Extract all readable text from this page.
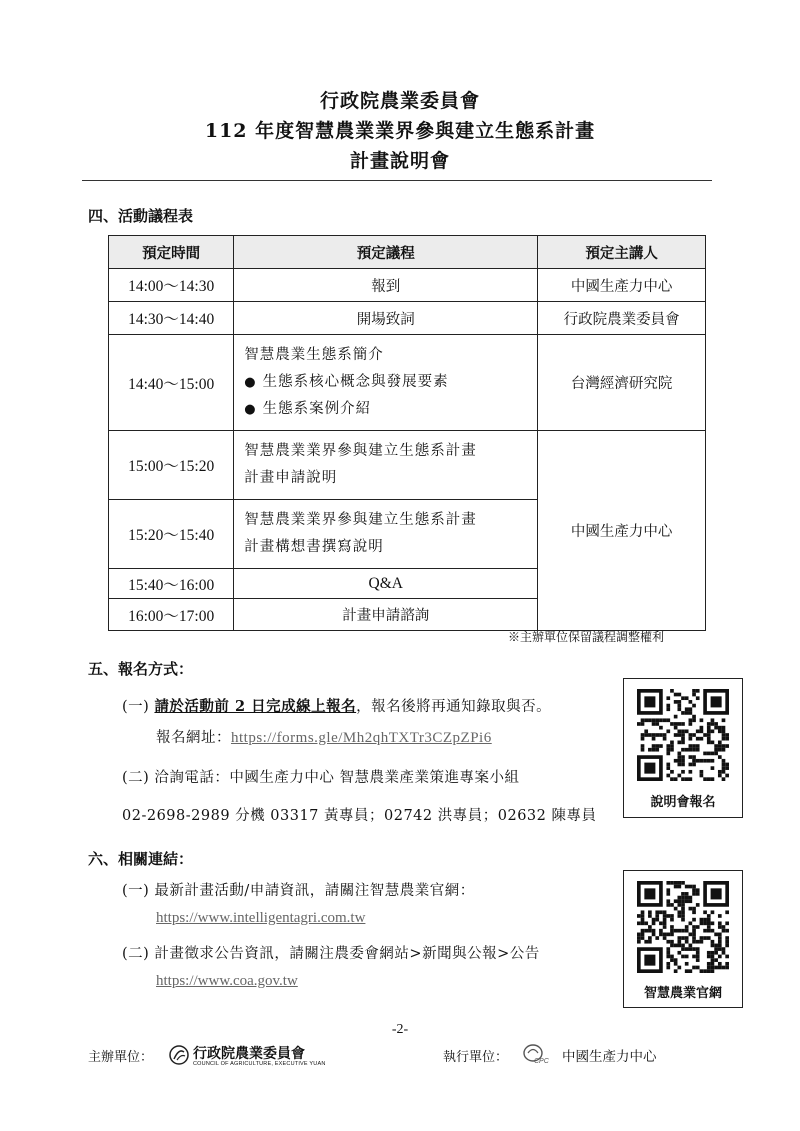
行政院農業委員會
112 年度智慧農業業界參與建立生態系計畫
計畫說明會
四、活動議程表
預定時間	預定議程	預定主講人
14:00～14:30	報到	中國生產力中心
14:30～14:40	開場致詞	行政院農業委員會
14:40～15:00	智慧農業生態系簡介
● 生態系核心概念與發展要素
● 生態系案例介紹	台灣經濟研究院
15:00～15:20	智慧農業業界參與建立生態系計畫
計畫申請說明	中國生產力中心
15:20～15:40	智慧農業業界參與建立生態系計畫
計畫構想書撰寫說明	

15:40～16:00	Q&A	
16:00～17:00	計畫申請諮詢	
※主辦單位保留議程調整權利
五、報名方式：
(一) 請於活動前 2 日完成線上報名，報名後將再通知錄取與否。
報名網址：https://forms.gle/Mh2qhTXTr3CZpZPi6
(二) 洽詢電話：中國生產力中心 智慧農業產業策進專案小組
02-2698-2989 分機 03317 黃專員；02742 洪專員；02632 陳專員
說明會報名
六、相關連結：
(一) 最新計畫活動/申請資訊，請關注智慧農業官網：
https://www.intelligentagri.com.tw
(二) 計畫徵求公告資訊，請關注農委會網站>新聞與公報>公告
https://www.coa.gov.tw
智慧農業官網
-2-
主辦單位：	行政院農業委員會
COUNCIL OF AGRICULTURE, EXECUTIVE YUAN	執行單位：	CPC 中國生產力中心
